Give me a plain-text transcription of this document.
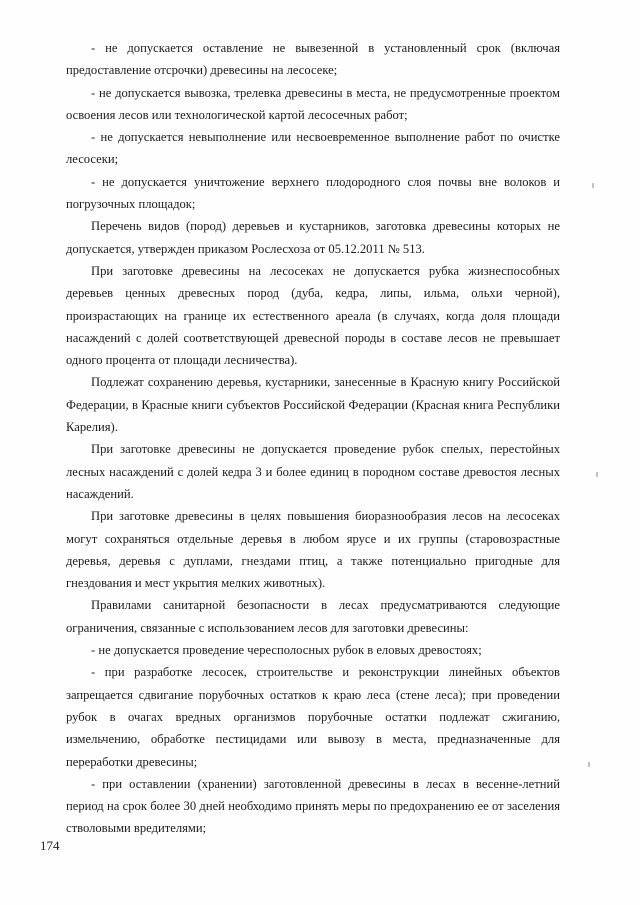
- не допускается оставление не вывезенной в установленный срок (включая предоставление отсрочки) древесины на лесосеке;

- не допускается вывозка, трелевка древесины в места, не предусмотренные проектом освоения лесов или технологической картой лесосечных работ;

- не допускается невыполнение или несвоевременное выполнение работ по очистке лесосеки;

- не допускается уничтожение верхнего плодородного слоя почвы вне волоков и погрузочных площадок;

Перечень видов (пород) деревьев и кустарников, заготовка древесины которых не допускается, утвержден приказом Рослесхоза от 05.12.2011 № 513.

При заготовке древесины на лесосеках не допускается рубка жизнеспособных деревьев ценных древесных пород (дуба, кедра, липы, ильма, ольхи черной), произрастающих на границе их естественного ареала (в случаях, когда доля площади насаждений с долей соответствующей древесной породы в составе лесов не превышает одного процента от площади лесничества).

Подлежат сохранению деревья, кустарники, занесенные в Красную книгу Российской Федерации, в Красные книги субъектов Российской Федерации (Красная книга Республики Карелия).

При заготовке древесины не допускается проведение рубок спелых, перестойных лесных насаждений с долей кедра 3 и более единиц в породном составе древостоя лесных насаждений.

При заготовке древесины в целях повышения биоразнообразия лесов на лесосеках могут сохраняться отдельные деревья в любом ярусе и их группы (старовозрастные деревья, деревья с дуплами, гнездами птиц, а также потенциально пригодные для гнездования и мест укрытия мелких животных).

Правилами санитарной безопасности в лесах предусматриваются следующие ограничения, связанные с использованием лесов для заготовки древесины:

- не допускается проведение чересполосных рубок в еловых древостоях;

- при разработке лесосек, строительстве и реконструкции линейных объектов запрещается сдвигание порубочных остатков к краю леса (стене леса); при проведении рубок в очагах вредных организмов порубочные остатки подлежат сжиганию, измельчению, обработке пестицидами или вывозу в места, предназначенные для переработки древесины;

- при оставлении (хранении) заготовленной древесины в лесах в весенне-летний период на срок более 30 дней необходимо принять меры по предохранению ее от заселения стволовыми вредителями;

174
